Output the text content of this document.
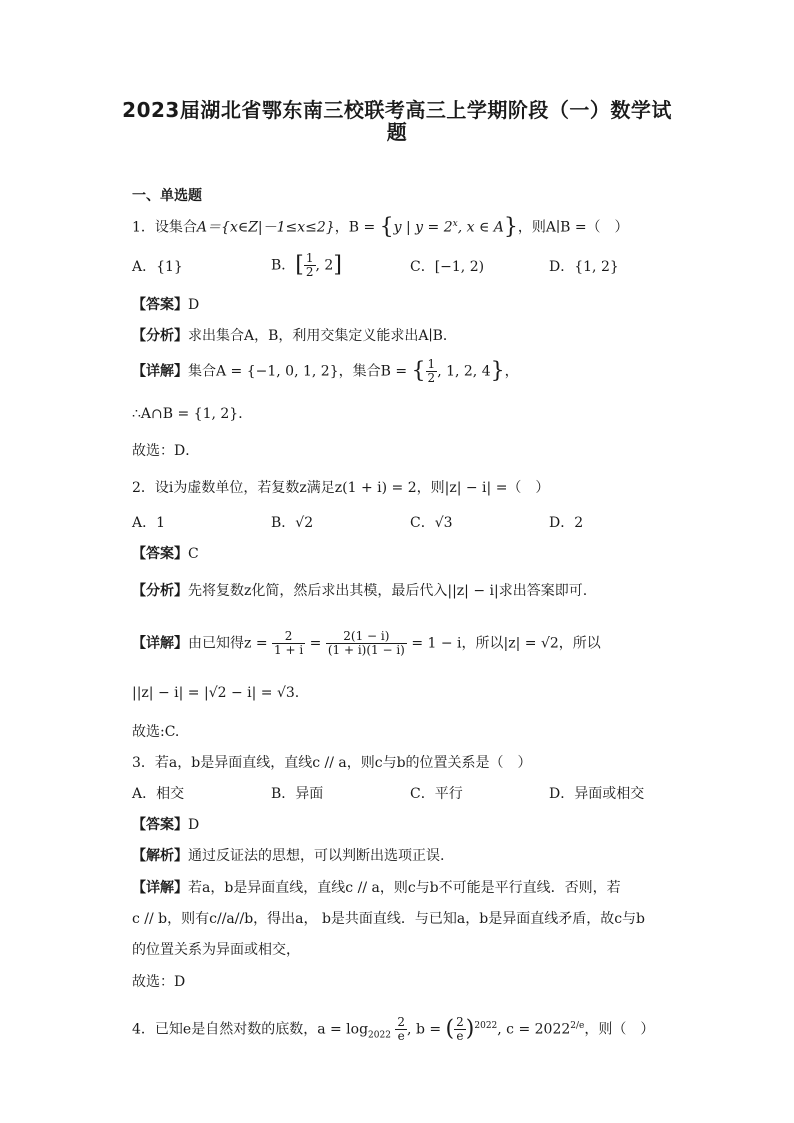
2023届湖北省鄂东南三校联考高三上学期阶段（一）数学试
题
一、单选题
1．设集合A＝{x∈Z|－1≤x≤2}，B = {y | $y = 2^x$, x ∈ A}，则A∣B =（　）
A．{1}	B．[ $\frac{1}{2}$ , 2]	C．[−1, 2)	D．{1, 2}
【答案】D
【分析】求出集合A，B，利用交集定义能求出A∣B．
【详解】集合A = {−1, 0, 1, 2}，集合B = { $\frac{1}{2}$ , 1, 2, 4}，
∴A∩B = {1, 2}．
故选：D．
2．设i为虚数单位，若复数z满足z(1 + i) = 2，则|z| − i| =（　）
A．1	B．√2	C．√3	D．2
【答案】C
【分析】先将复数z化简，然后求出其模，最后代入||z| − i|求出答案即可.
【详解】由已知得$z = \frac{2}{1 + i} = \frac{2(1 - i)}{(1 + i)(1 - i)} = 1 - i$，所以|z| = √2，所以
||z| − i| = |√2 − i| = √3.
故选:C.
3．若a，b是异面直线，直线c // a，则c与b的位置关系是（　）
A．相交	B．异面	C．平行	D．异面或相交
【答案】D
【解析】通过反证法的思想，可以判断出选项正误.
【详解】若a，b是异面直线，直线c // a，则c与b不可能是平行直线．否则，若
c // b，则有c//a//b，得出a， b是共面直线．与已知a，b是异面直线矛盾，故c与b
的位置关系为异面或相交，
故选：D
4．已知e是自然对数的底数，$a = \log_{2022} \frac{2}{e}$ , b = ( $\frac{2}{e} )^{2022}$, $c = 2022^{2/e}$，则（　）
